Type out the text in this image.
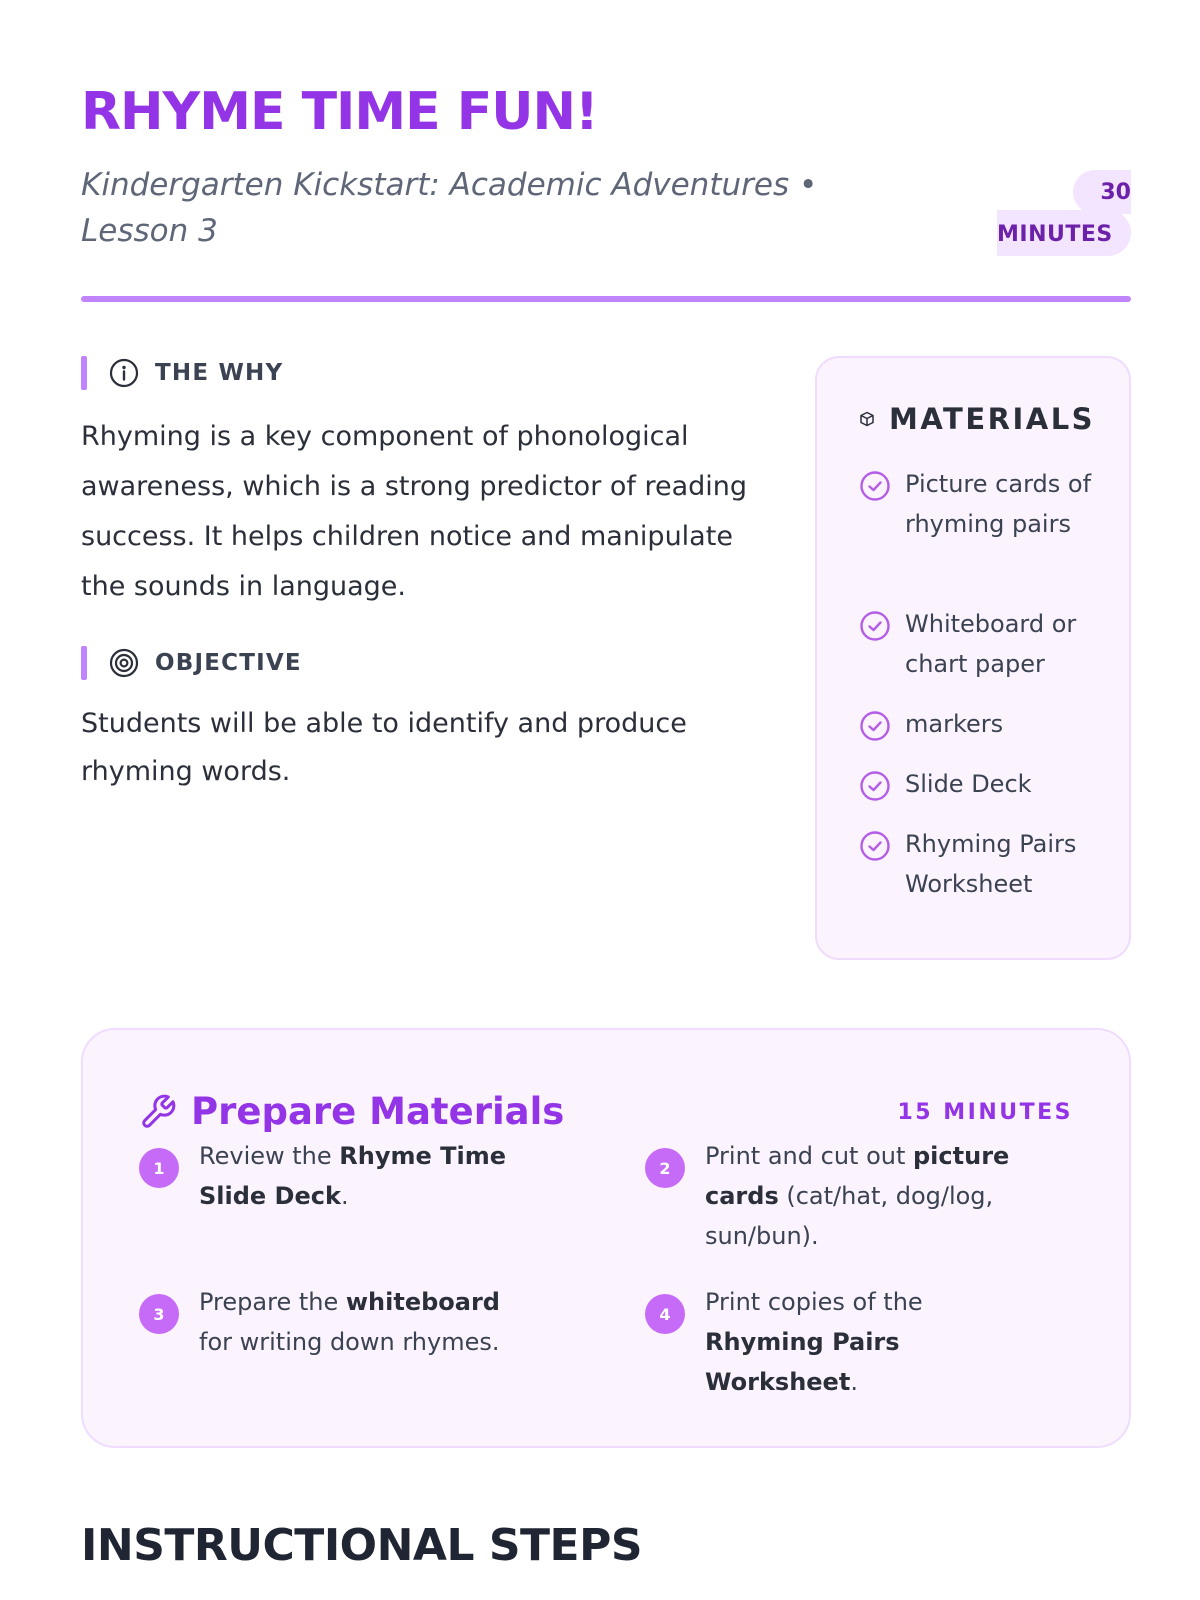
RHYME TIME FUN!
Kindergarten Kickstart: Academic Adventures • Lesson 3
30
MINUTES
THE WHY

Rhyming is a key component of phonological awareness, which is a strong predictor of reading success. It helps children notice and manipulate the sounds in language.

OBJECTIVE

Students will be able to identify and produce rhyming words.

MATERIALS
Picture cards of rhyming pairs
Whiteboard or chart paper
markers
Slide Deck
Rhyming Pairs Worksheet
Prepare Materials	15 MINUTES
1	Review the Rhyme Time Slide Deck.
2	Print and cut out picture cards (cat/hat, dog/log, sun/bun).
3	Prepare the whiteboard for writing down rhymes.
4	Print copies of the Rhyming Pairs Worksheet.
INSTRUCTIONAL STEPS
